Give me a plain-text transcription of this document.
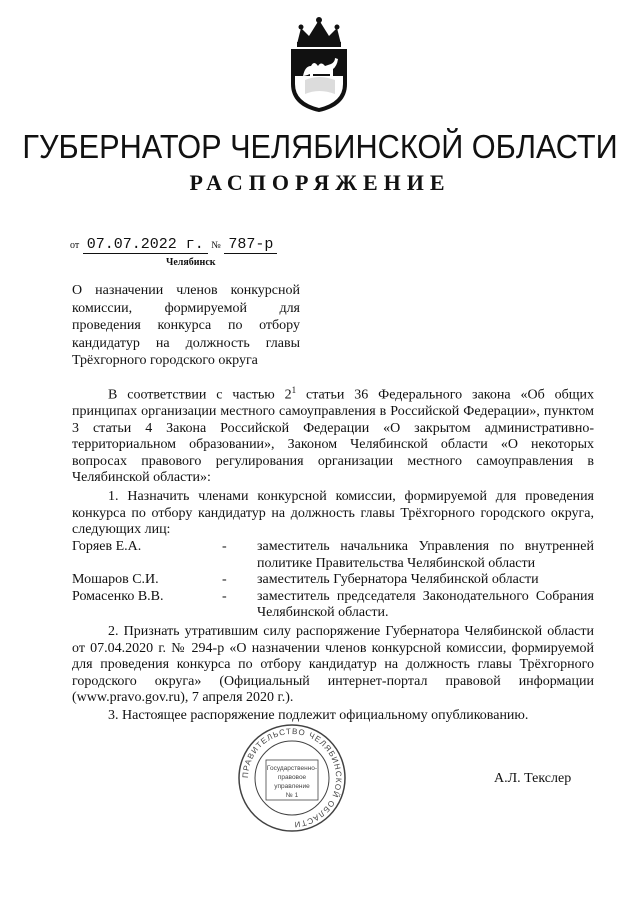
ГУБЕРНАТОР ЧЕЛЯБИНСКОЙ ОБЛАСТИ
РАСПОРЯЖЕНИЕ
от 07.07.2022 г. № 787-р
Челябинск
О назначении членов конкурсной
комиссии, формируемой для
проведения конкурса по отбору
кандидатур на должность главы
Трёхгорного городского округа
В соответствии с частью $2^1$ статьи 36 Федерального закона «Об общих принципах организации местного самоуправления в Российской Федерации», пунктом 3 статьи 4 Закона Российской Федерации «О закрытом административно-территориальном образовании», Законом Челябинской области «О некоторых вопросах правового регулирования организации местного самоуправления в Челябинской области»:
1. Назначить членами конкурсной комиссии, формируемой для проведения конкурса по отбору кандидатур на должность главы Трёхгорного городского округа, следующих лиц:
Горяев Е.А.	-	заместитель начальника Управления по внутренней политике Правительства Челябинской области
Мошаров С.И.	-	заместитель Губернатора Челябинской области
Ромасенко В.В.	-	заместитель председателя Законодательного Собрания Челябинской области.
2. Признать утратившим силу распоряжение Губернатора Челябинской области от 07.04.2020 г. № 294-р «О назначении членов конкурсной комиссии, формируемой для проведения конкурса по отбору кандидатур на должность главы Трёхгорного городского округа» (Официальный интернет-портал правовой информации (www.pravo.gov.ru), 7 апреля 2020 г.).
3. Настоящее распоряжение подлежит официальному опубликованию.
ПРАВИТЕЛЬСТВО ЧЕЛЯБИНСКОЙ ОБЛАСТИ
Государственно-
правовое
управление
№ 1
А.Л. Текслер
